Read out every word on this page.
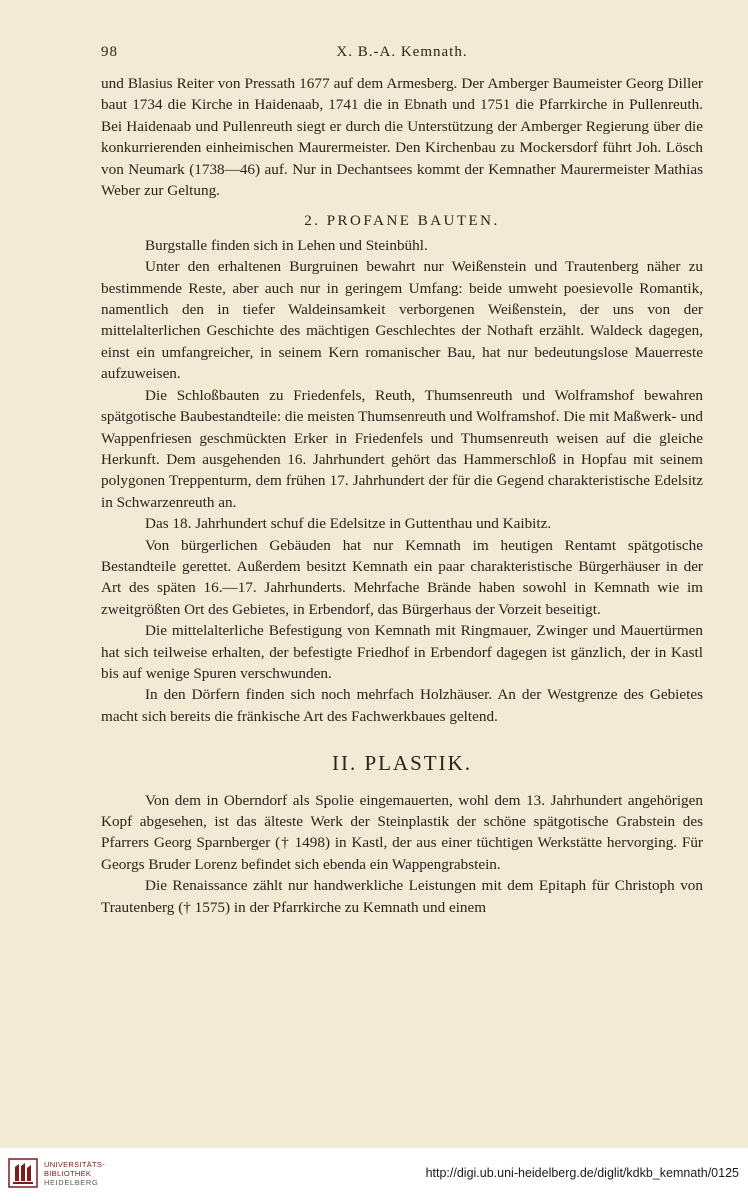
98	X. B.-A. Kemnath.

und Blasius Reiter von Pressath 1677 auf dem Armesberg. Der Amberger Baumeister Georg Diller baut 1734 die Kirche in Haidenaab, 1741 die in Ebnath und 1751 die Pfarrkirche in Pullenreuth. Bei Haidenaab und Pullenreuth siegt er durch die Unterstützung der Amberger Regierung über die konkurrierenden einheimischen Maurermeister. Den Kirchenbau zu Mockersdorf führt Joh. Lösch von Neumark (1738—46) auf. Nur in Dechantsees kommt der Kemnather Maurermeister Mathias Weber zur Geltung.

2. PROFANE BAUTEN.

Burgstalle finden sich in Lehen und Steinbühl.

Unter den erhaltenen Burgruinen bewahrt nur Weißenstein und Trautenberg näher zu bestimmende Reste, aber auch nur in geringem Umfang: beide umweht poesievolle Romantik, namentlich den in tiefer Waldeinsamkeit verborgenen Weißenstein, der uns von der mittelalterlichen Geschichte des mächtigen Geschlechtes der Nothaft erzählt. Waldeck dagegen, einst ein umfangreicher, in seinem Kern romanischer Bau, hat nur bedeutungslose Mauerreste aufzuweisen.

Die Schloßbauten zu Friedenfels, Reuth, Thumsenreuth und Wolframshof bewahren spätgotische Baubestandteile: die meisten Thumsenreuth und Wolframshof. Die mit Maßwerk- und Wappenfriesen geschmückten Erker in Friedenfels und Thumsenreuth weisen auf die gleiche Herkunft. Dem ausgehenden 16. Jahrhundert gehört das Hammerschloß in Hopfau mit seinem polygonen Treppenturm, dem frühen 17. Jahrhundert der für die Gegend charakteristische Edelsitz in Schwarzenreuth an.

Das 18. Jahrhundert schuf die Edelsitze in Guttenthau und Kaibitz.

Von bürgerlichen Gebäuden hat nur Kemnath im heutigen Rentamt spätgotische Bestandteile gerettet. Außerdem besitzt Kemnath ein paar charakteristische Bürgerhäuser in der Art des späten 16.—17. Jahrhunderts. Mehrfache Brände haben sowohl in Kemnath wie im zweitgrößten Ort des Gebietes, in Erbendorf, das Bürgerhaus der Vorzeit beseitigt.

Die mittelalterliche Befestigung von Kemnath mit Ringmauer, Zwinger und Mauertürmen hat sich teilweise erhalten, der befestigte Friedhof in Erbendorf dagegen ist gänzlich, der in Kastl bis auf wenige Spuren verschwunden.

In den Dörfern finden sich noch mehrfach Holzhäuser. An der Westgrenze des Gebietes macht sich bereits die fränkische Art des Fachwerkbaues geltend.

II. PLASTIK.

Von dem in Oberndorf als Spolie eingemauerten, wohl dem 13. Jahrhundert angehörigen Kopf abgesehen, ist das älteste Werk der Steinplastik der schöne spätgotische Grabstein des Pfarrers Georg Sparnberger († 1498) in Kastl, der aus einer tüchtigen Werkstätte hervorging. Für Georgs Bruder Lorenz befindet sich ebenda ein Wappengrabstein.

Die Renaissance zählt nur handwerkliche Leistungen mit dem Epitaph für Christoph von Trautenberg († 1575) in der Pfarrkirche zu Kemnath und einem

UNIVERSITÄTS-
BIBLIOTHEK
HEIDELBERG
http://digi.ub.uni-heidelberg.de/diglit/kdkb_kemnath/0125
